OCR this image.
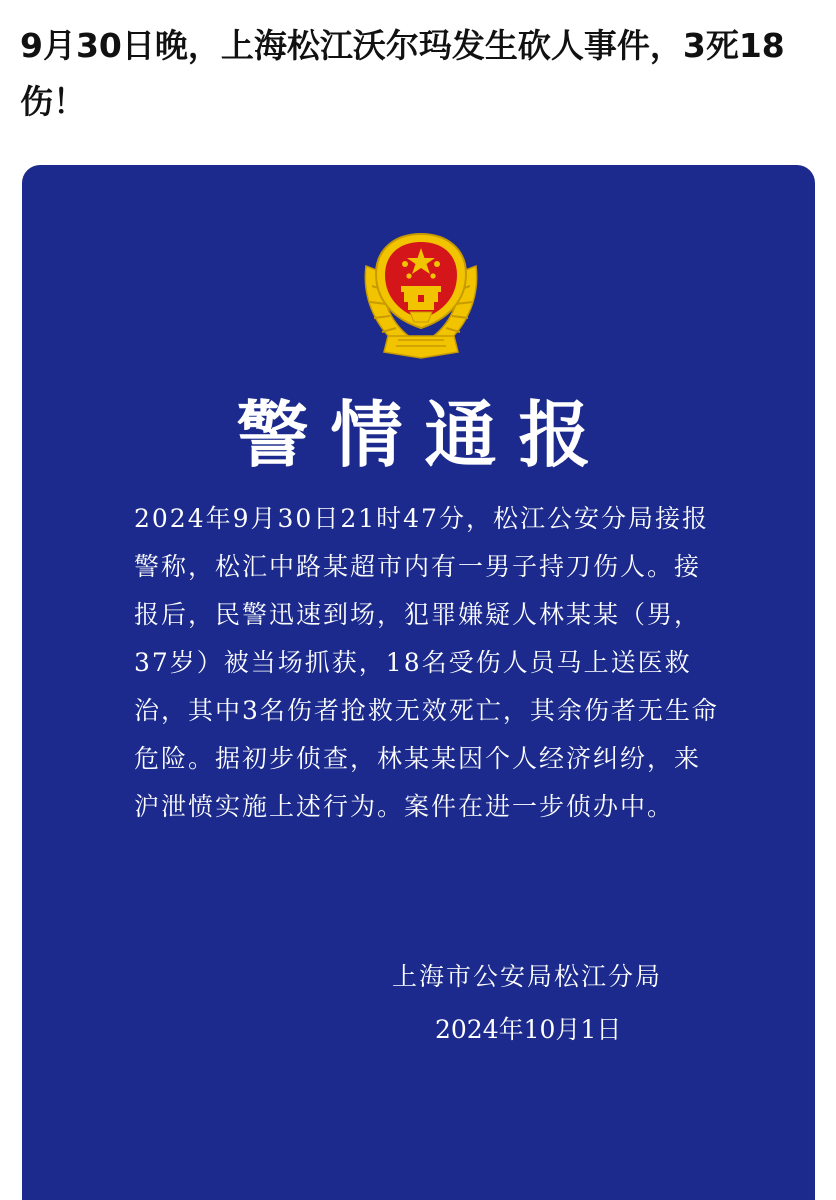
9月30日晚，上海松江沃尔玛发生砍人事件，3死18伤！
警情通报

2024年9月30日21时47分，松江公安分局接报
警称，松汇中路某超市内有一男子持刀伤人。接
报后，民警迅速到场，犯罪嫌疑人林某某（男，
37岁）被当场抓获，18名受伤人员马上送医救
治，其中3名伤者抢救无效死亡，其余伤者无生命
危险。据初步侦查，林某某因个人经济纠纷，来
沪泄愤实施上述行为。案件在进一步侦办中。

上海市公安局松江分局

2024年10月1日
